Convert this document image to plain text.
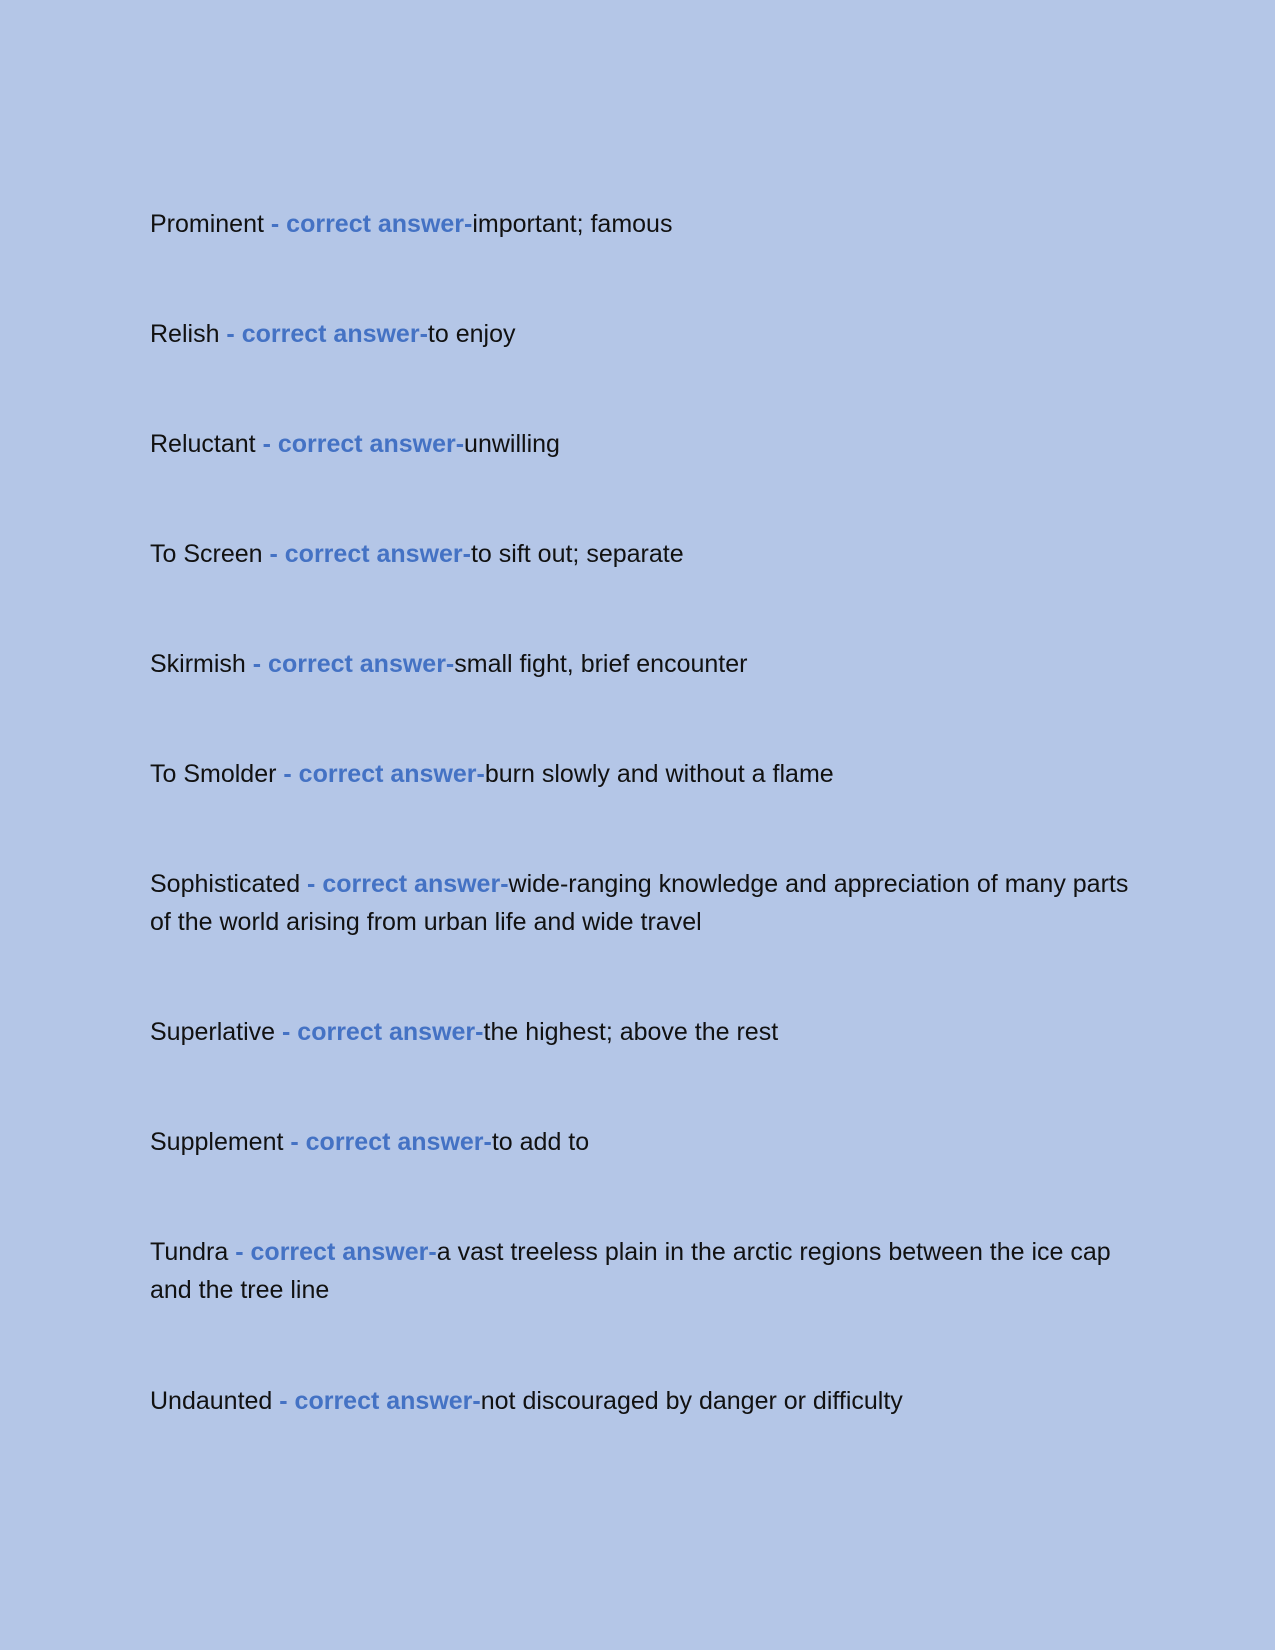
Prominent - correct answer-important; famous
Relish - correct answer-to enjoy
Reluctant - correct answer-unwilling
To Screen - correct answer-to sift out; separate
Skirmish - correct answer-small fight, brief encounter
To Smolder - correct answer-burn slowly and without a flame
Sophisticated - correct answer-wide-ranging knowledge and appreciation of many parts of the world arising from urban life and wide travel
Superlative - correct answer-the highest; above the rest
Supplement - correct answer-to add to
Tundra - correct answer-a vast treeless plain in the arctic regions between the ice cap and the tree line
Undaunted - correct answer-not discouraged by danger or difficulty
